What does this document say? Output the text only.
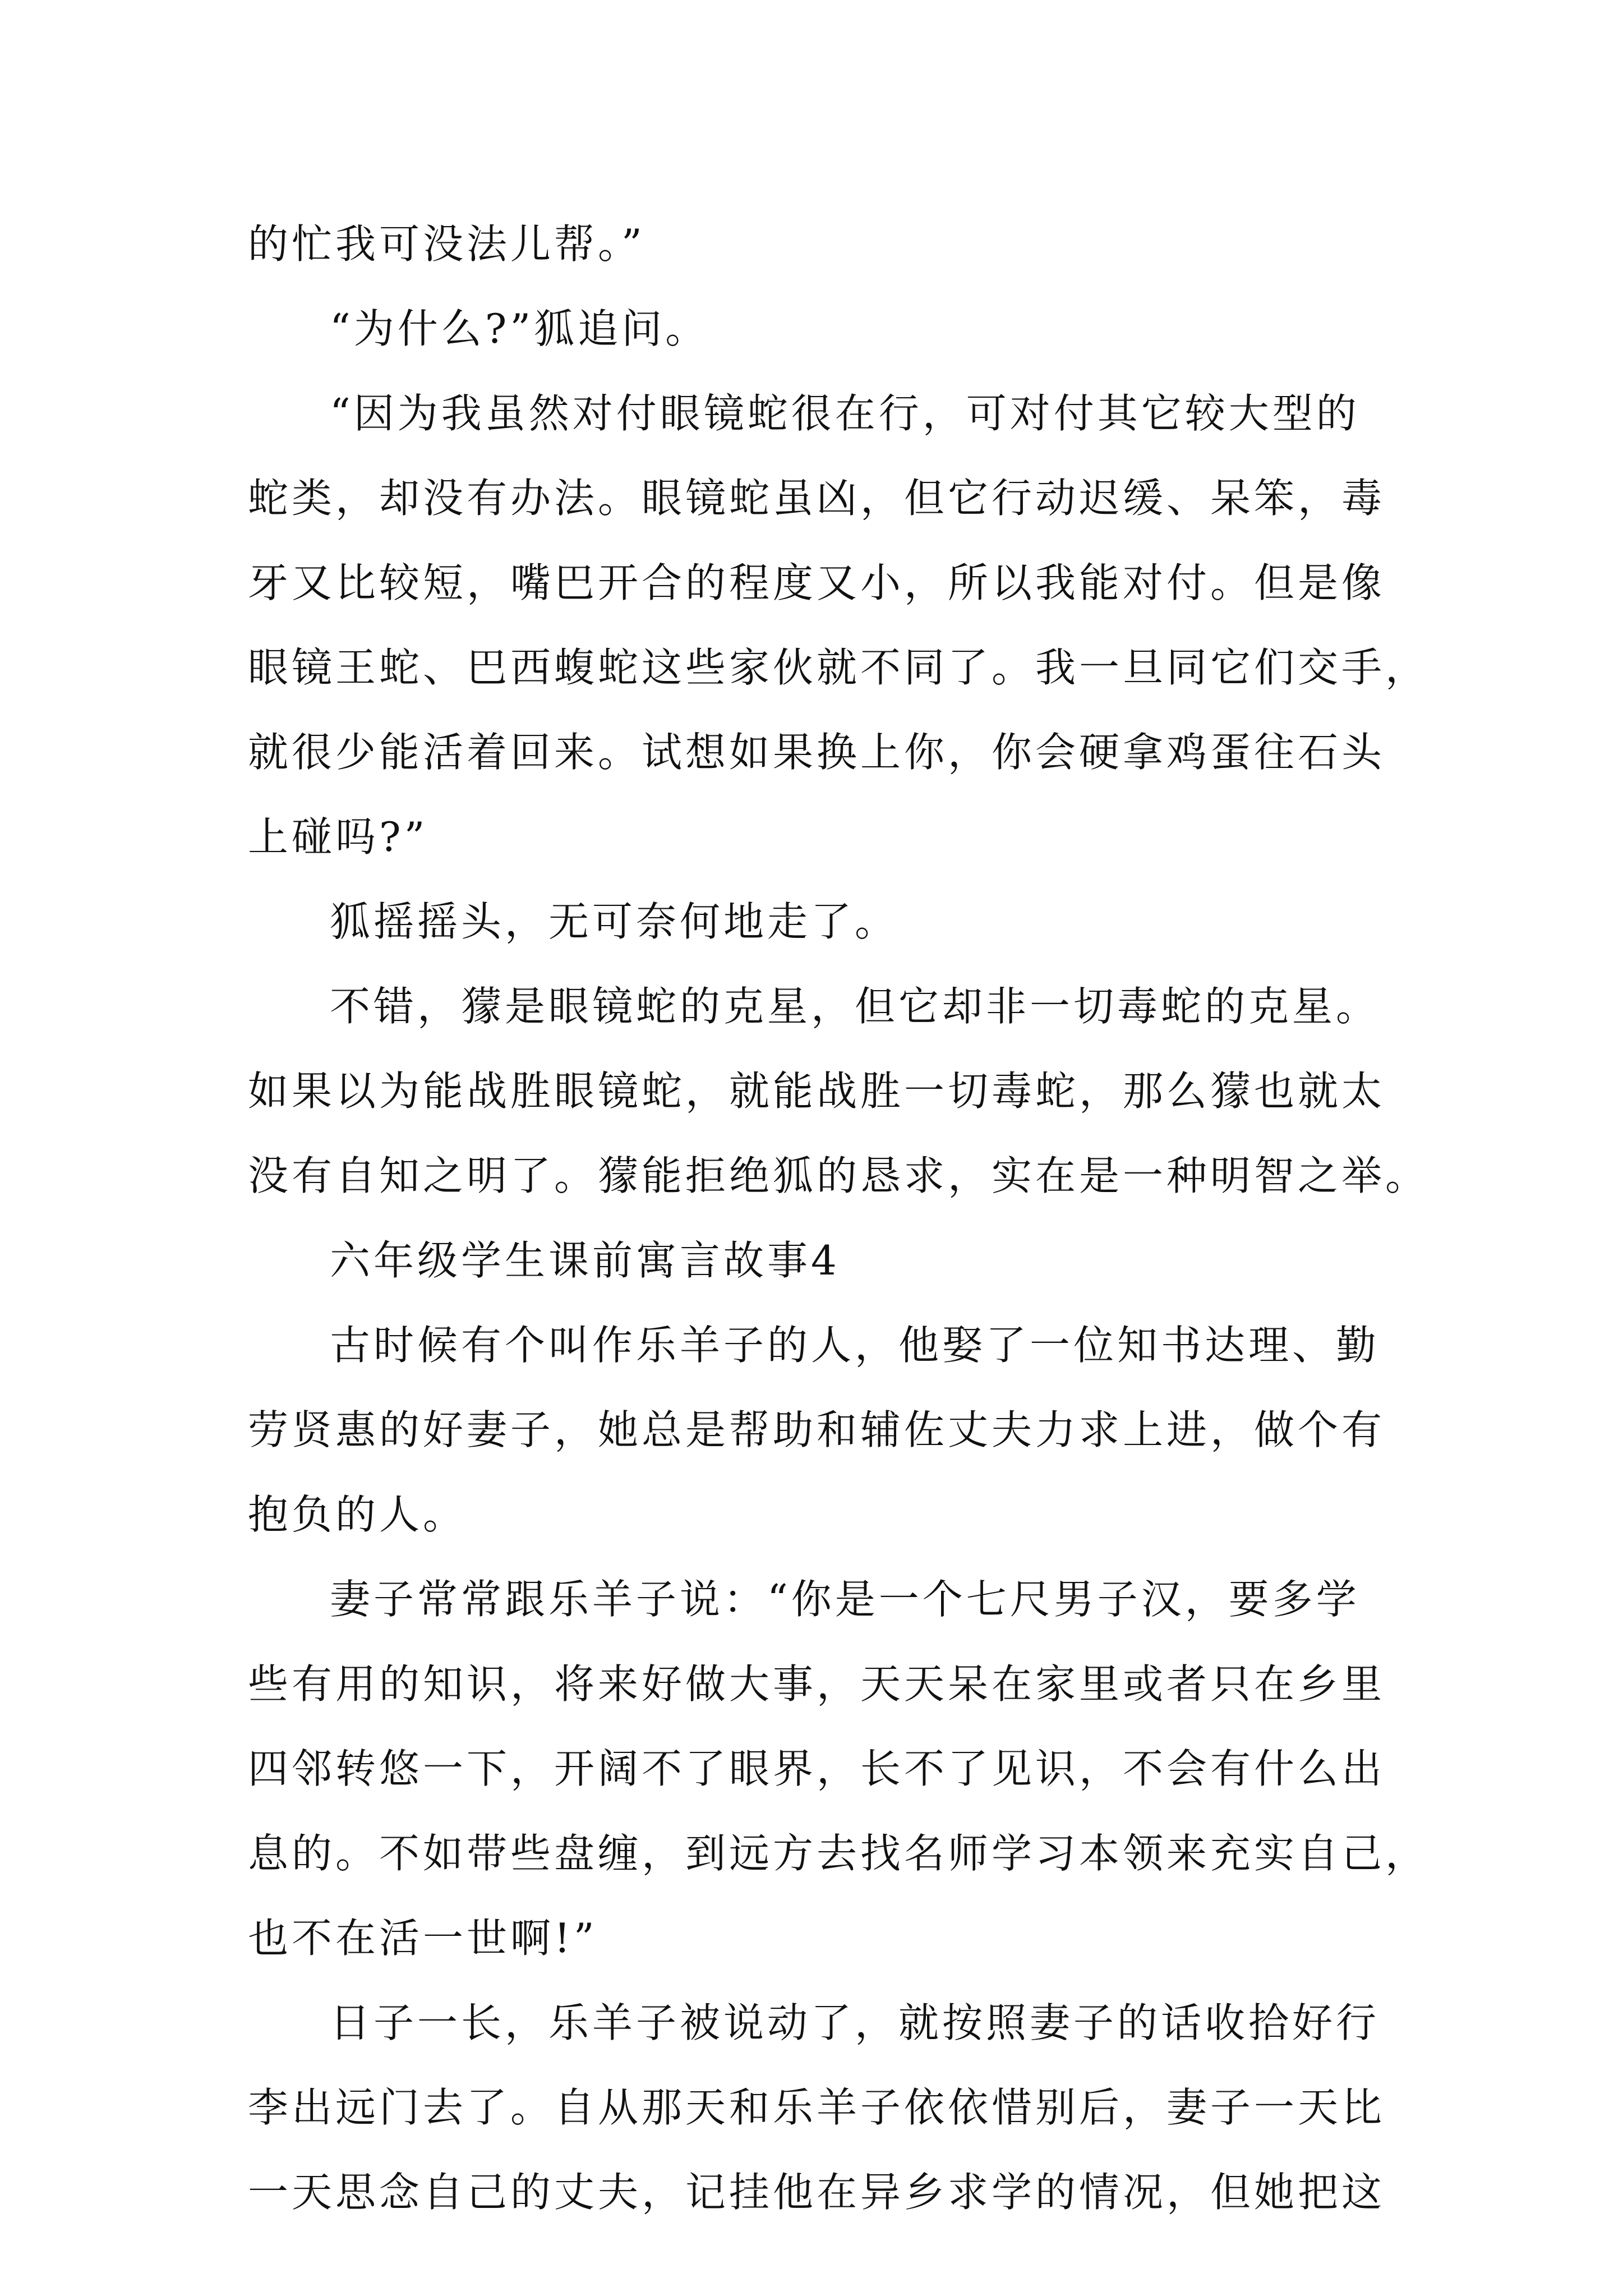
的忙我可没法儿帮。”
“为什么?”狐追问。
“因为我虽然对付眼镜蛇很在行，可对付其它较大型的
蛇类，却没有办法。眼镜蛇虽凶，但它行动迟缓、呆笨，毒
牙又比较短，嘴巴开合的程度又小，所以我能对付。但是像
眼镜王蛇、巴西蝮蛇这些家伙就不同了。我一旦同它们交手，
就很少能活着回来。试想如果换上你，你会硬拿鸡蛋往石头
上碰吗?”
狐摇摇头，无可奈何地走了。
不错，獴是眼镜蛇的克星，但它却非一切毒蛇的克星。
如果以为能战胜眼镜蛇，就能战胜一切毒蛇，那么獴也就太
没有自知之明了。獴能拒绝狐的恳求，实在是一种明智之举。
六年级学生课前寓言故事4
古时候有个叫作乐羊子的人，他娶了一位知书达理、勤
劳贤惠的好妻子，她总是帮助和辅佐丈夫力求上进，做个有
抱负的人。
妻子常常跟乐羊子说：“你是一个七尺男子汉，要多学
些有用的知识，将来好做大事，天天呆在家里或者只在乡里
四邻转悠一下，开阔不了眼界，长不了见识，不会有什么出
息的。不如带些盘缠，到远方去找名师学习本领来充实自己，
也不在活一世啊!”
日子一长，乐羊子被说动了，就按照妻子的话收拾好行
李出远门去了。自从那天和乐羊子依依惜别后，妻子一天比
一天思念自己的丈夫，记挂他在异乡求学的情况，但她把这
